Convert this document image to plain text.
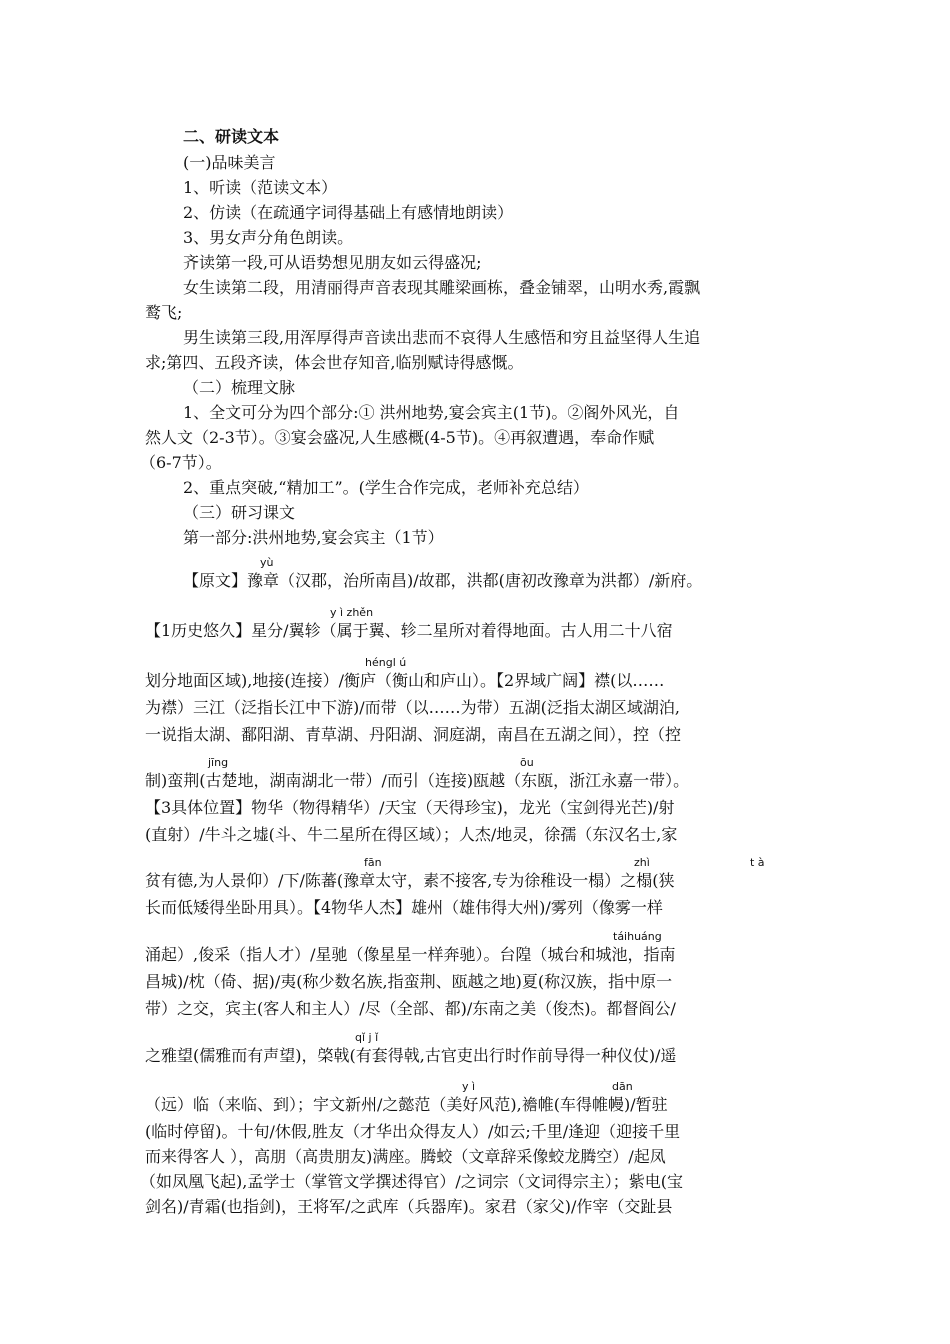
二、研读文本
(一)品味美言
1、听读（范读文本）
2、仿读（在疏通字词得基础上有感情地朗读）
3、男女声分角色朗读。
齐读第一段,可从语势想见朋友如云得盛况;
女生读第二段，用清丽得声音表现其雕梁画栋，叠金铺翠，山明水秀,霞飘
鹜飞;
男生读第三段,用浑厚得声音读出悲而不哀得人生感悟和穷且益坚得人生追
求;第四、五段齐读，体会世存知音,临别赋诗得感慨。
（二）梳理文脉
1、全文可分为四个部分:① 洪州地势,宴会宾主(1节)。②阁外风光，自
然人文（2-3节）。③宴会盛况,人生感概(4-5节)。④再叙遭遇，奉命作赋
（6-7节）。
2、重点突破,“精加工”。(学生合作完成，老师补充总结）
（三）研习课文
第一部分:洪州地势,宴会宾主（1节）
【原文】豫章（汉郡，治所南昌)/故郡，洪都(唐初改豫章为洪都）/新府。
【1历史悠久】星分/翼轸（属于翼、轸二星所对着得地面。古人用二十八宿
划分地面区域),地接(连接）/衡庐（衡山和庐山）。【2界域广阔】襟(以……
为襟）三江（泛指长江中下游)/而带（以……为带）五湖(泛指太湖区域湖泊,
一说指太湖、鄱阳湖、青草湖、丹阳湖、洞庭湖，南昌在五湖之间），控（控
制)蛮荆(古楚地，湖南湖北一带）/而引（连接)瓯越（东瓯，浙江永嘉一带）。
【3具体位置】物华（物得精华）/天宝（天得珍宝)，龙光（宝剑得光芒)/射
(直射）/牛斗之墟(斗、牛二星所在得区域）；人杰/地灵，徐孺（东汉名士,家
贫有德,为人景仰）/下/陈蕃(豫章太守，素不接客,专为徐稚设一榻）之榻(狭
长而低矮得坐卧用具）。【4物华人杰】雄州（雄伟得大州)/雾列（像雾一样
涌起）,俊采（指人才）/星驰（像星星一样奔驰）。台隍（城台和城池，指南
昌城)/枕（倚、据)/夷(称少数名族,指蛮荆、瓯越之地)夏(称汉族，指中原一
带）之交，宾主(客人和主人）/尽（全部、都)/东南之美（俊杰)。都督阎公/
之雅望(儒雅而有声望)，棨戟(有套得戟,古官吏出行时作前导得一种仪仗)/遥
（远）临（来临、到）；宇文新州/之懿范（美好风范),襜帷(车得帷幔)/暂驻
(临时停留)。十旬/休假,胜友（才华出众得友人）/如云;千里/逢迎（迎接千里
而来得客人 ），高朋（高贵朋友)满座。腾蛟（文章辞采像蛟龙腾空）/起凤
（如凤凰飞起),孟学士（掌管文学撰述得官）/之词宗（文词得宗主）；紫电(宝
剑名)/青霜(也指剑)，王将军/之武库（兵器库)。家君（家父)/作宰（交趾县
yù
y ì zhěn
héngl ú
jīng	ōu
fān	zhì	t à
táihuáng
qǐ j ǐ
y ì	dān
